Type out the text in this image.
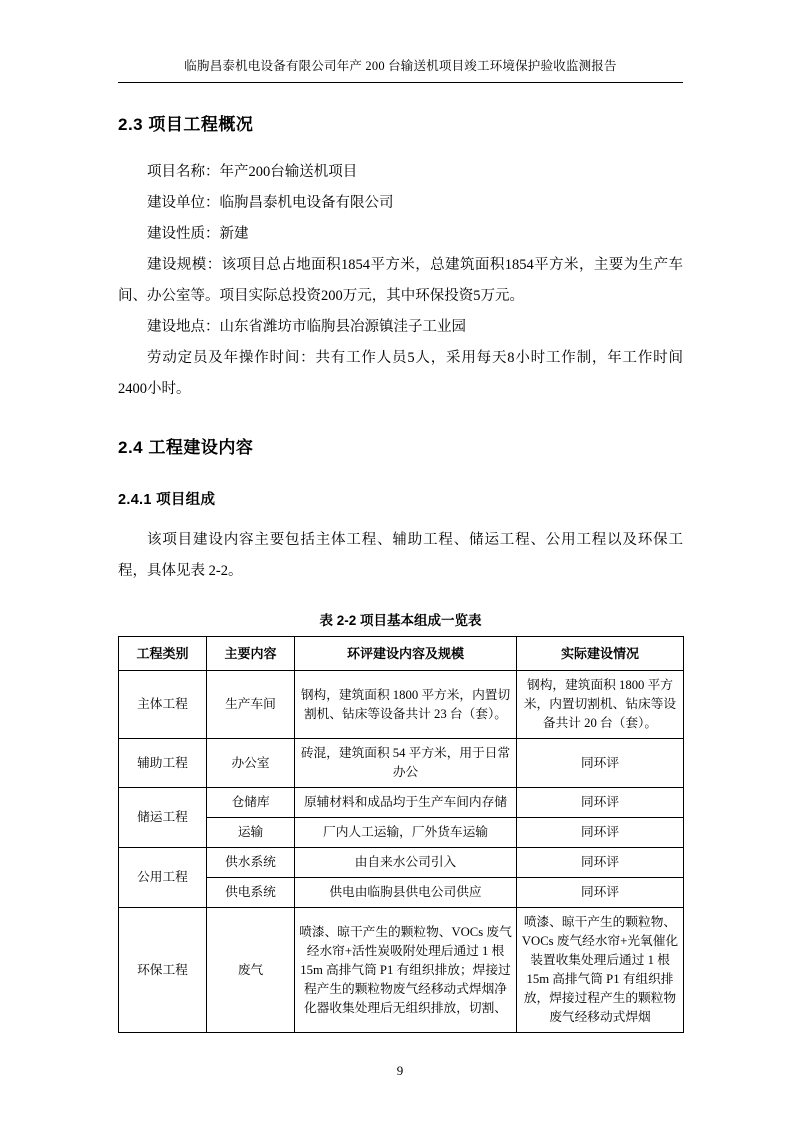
临朐昌泰机电设备有限公司年产 200 台输送机项目竣工环境保护验收监测报告
2.3 项目工程概况

项目名称：年产200台输送机项目

建设单位：临朐昌泰机电设备有限公司

建设性质：新建

建设规模：该项目总占地面积1854平方米，总建筑面积1854平方米，主要为生产车间、办公室等。项目实际总投资200万元，其中环保投资5万元。

建设地点：山东省潍坊市临朐县冶源镇洼子工业园

劳动定员及年操作时间：共有工作人员5人，采用每天8小时工作制，年工作时间2400小时。

2.4 工程建设内容
2.4.1 项目组成

该项目建设内容主要包括主体工程、辅助工程、储运工程、公用工程以及环保工程，具体见表 2-2。

表 2-2 项目基本组成一览表
工程类别	主要内容	环评建设内容及规模	实际建设情况
主体工程	生产车间	钢构，建筑面积 1800 平方米，内置切割机、钻床等设备共计 23 台（套）。	钢构，建筑面积 1800 平方米，内置切割机、钻床等设备共计 20 台（套）。
辅助工程	办公室	砖混，建筑面积 54 平方米，用于日常办公	同环评
储运工程	仓储库	原辅材料和成品均于生产车间内存储	同环评
	运输	厂内人工运输，厂外货车运输	同环评
公用工程	供水系统	由自来水公司引入	同环评
	供电系统	供电由临朐县供电公司供应	同环评
环保工程	废气	喷漆、晾干产生的颗粒物、VOCs 废气经水帘+活性炭吸附处理后通过 1 根 15m 高排气筒 P1 有组织排放；焊接过程产生的颗粒物废气经移动式焊烟净化器收集处理后无组织排放，切割、	喷漆、晾干产生的颗粒物、VOCs 废气经水帘+光氧催化装置收集处理后通过 1 根 15m 高排气筒 P1 有组织排放，焊接过程产生的颗粒物废气经移动式焊烟
9
